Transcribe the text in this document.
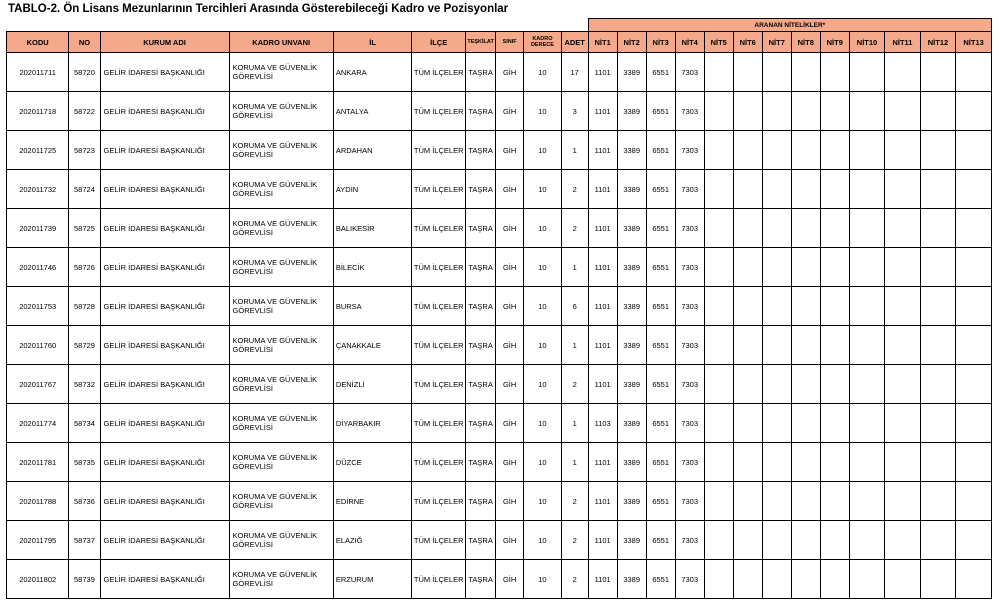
TABLO-2. Ön Lisans Mezunlarının Tercihleri Arasında Gösterebileceği Kadro ve Pozisyonlar
										ARANAN NİTELİKLER*												
KODU	NO	KURUM ADI	KADRO UNVANI	İL	İLÇE	TEŞKİLAT	SINIF	KADRO DERECE	ADET	NİT1	NİT2	NİT3	NİT4	NİT5	NİT6	NİT7	NİT8	NİT9	NİT10	NİT11	NİT12	NİT13
202011711	58720	GELİR İDARESİ BAŞKANLIĞI	KORUMA VE GÜVENLİK GÖREVLİSİ	ANKARA	TÜM İLÇELER	TAŞRA	GİH	10	17	1101	3389	6551	7303									
202011718	58722	GELİR İDARESİ BAŞKANLIĞI	KORUMA VE GÜVENLİK GÖREVLİSİ	ANTALYA	TÜM İLÇELER	TAŞRA	GİH	10	3	1101	3389	6551	7303									
202011725	58723	GELİR İDARESİ BAŞKANLIĞI	KORUMA VE GÜVENLİK GÖREVLİSİ	ARDAHAN	TÜM İLÇELER	TAŞRA	GİH	10	1	1101	3389	6551	7303									
202011732	58724	GELİR İDARESİ BAŞKANLIĞI	KORUMA VE GÜVENLİK GÖREVLİSİ	AYDIN	TÜM İLÇELER	TAŞRA	GİH	10	2	1101	3389	6551	7303									
202011739	58725	GELİR İDARESİ BAŞKANLIĞI	KORUMA VE GÜVENLİK GÖREVLİSİ	BALIKESİR	TÜM İLÇELER	TAŞRA	GİH	10	2	1101	3389	6551	7303									
202011746	58726	GELİR İDARESİ BAŞKANLIĞI	KORUMA VE GÜVENLİK GÖREVLİSİ	BİLECİK	TÜM İLÇELER	TAŞRA	GİH	10	1	1101	3389	6551	7303									
202011753	58728	GELİR İDARESİ BAŞKANLIĞI	KORUMA VE GÜVENLİK GÖREVLİSİ	BURSA	TÜM İLÇELER	TAŞRA	GİH	10	6	1101	3389	6551	7303									
202011760	58729	GELİR İDARESİ BAŞKANLIĞI	KORUMA VE GÜVENLİK GÖREVLİSİ	ÇANAKKALE	TÜM İLÇELER	TAŞRA	GİH	10	1	1101	3389	6551	7303									
202011767	58732	GELİR İDARESİ BAŞKANLIĞI	KORUMA VE GÜVENLİK GÖREVLİSİ	DENİZLİ	TÜM İLÇELER	TAŞRA	GİH	10	2	1101	3389	6551	7303									
202011774	58734	GELİR İDARESİ BAŞKANLIĞI	KORUMA VE GÜVENLİK GÖREVLİSİ	DİYARBAKIR	TÜM İLÇELER	TAŞRA	GİH	10	1	1103	3389	6551	7303									
202011781	58735	GELİR İDARESİ BAŞKANLIĞI	KORUMA VE GÜVENLİK GÖREVLİSİ	DÜZCE	TÜM İLÇELER	TAŞRA	GİH	10	1	1101	3389	6551	7303									
202011788	58736	GELİR İDARESİ BAŞKANLIĞI	KORUMA VE GÜVENLİK GÖREVLİSİ	EDİRNE	TÜM İLÇELER	TAŞRA	GİH	10	2	1101	3389	6551	7303									
202011795	58737	GELİR İDARESİ BAŞKANLIĞI	KORUMA VE GÜVENLİK GÖREVLİSİ	ELAZIĞ	TÜM İLÇELER	TAŞRA	GİH	10	2	1101	3389	6551	7303									
202011802	58739	GELİR İDARESİ BAŞKANLIĞI	KORUMA VE GÜVENLİK GÖREVLİSİ	ERZURUM	TÜM İLÇELER	TAŞRA	GİH	10	2	1101	3389	6551	7303									
